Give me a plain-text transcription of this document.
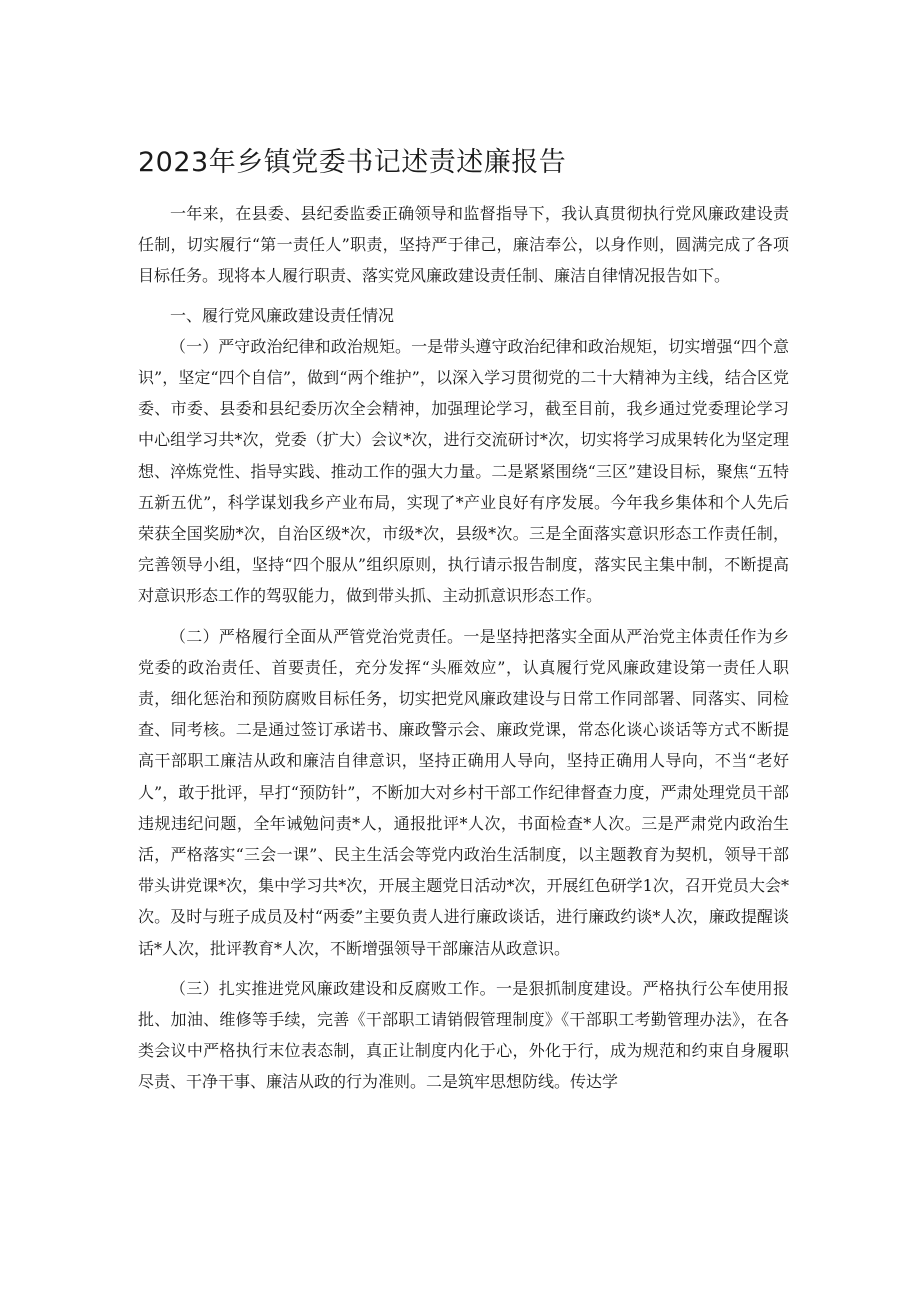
2023年乡镇党委书记述责述廉报告

一年来，在县委、县纪委监委正确领导和监督指导下，我认真贯彻执行党风廉政建设责任制，切实履行“第一责任人”职责，坚持严于律己，廉洁奉公，以身作则，圆满完成了各项目标任务。现将本人履行职责、落实党风廉政建设责任制、廉洁自律情况报告如下。

一、履行党风廉政建设责任情况

（一）严守政治纪律和政治规矩。一是带头遵守政治纪律和政治规矩，切实增强“四个意识”，坚定“四个自信”，做到“两个维护”，以深入学习贯彻党的二十大精神为主线，结合区党委、市委、县委和县纪委历次全会精神，加强理论学习，截至目前，我乡通过党委理论学习中心组学习共*次，党委（扩大）会议*次，进行交流研讨*次，切实将学习成果转化为坚定理想、淬炼党性、指导实践、推动工作的强大力量。二是紧紧围绕“三区”建设目标，聚焦“五特五新五优”，科学谋划我乡产业布局，实现了*产业良好有序发展。今年我乡集体和个人先后荣获全国奖励*次，自治区级*次，市级*次，县级*次。三是全面落实意识形态工作责任制，完善领导小组，坚持“四个服从”组织原则，执行请示报告制度，落实民主集中制，不断提高对意识形态工作的驾驭能力，做到带头抓、主动抓意识形态工作。

（二）严格履行全面从严管党治党责任。一是坚持把落实全面从严治党主体责任作为乡党委的政治责任、首要责任，充分发挥“头雁效应”，认真履行党风廉政建设第一责任人职责，细化惩治和预防腐败目标任务，切实把党风廉政建设与日常工作同部署、同落实、同检查、同考核。二是通过签订承诺书、廉政警示会、廉政党课，常态化谈心谈话等方式不断提高干部职工廉洁从政和廉洁自律意识，坚持正确用人导向，坚持正确用人导向，不当“老好人”，敢于批评，早打“预防针”，不断加大对乡村干部工作纪律督查力度，严肃处理党员干部违规违纪问题，全年诫勉问责*人，通报批评*人次，书面检查*人次。三是严肃党内政治生活，严格落实“三会一课”、民主生活会等党内政治生活制度，以主题教育为契机，领导干部带头讲党课*次，集中学习共*次，开展主题党日活动*次，开展红色研学1次，召开党员大会*次。及时与班子成员及村“两委”主要负责人进行廉政谈话，进行廉政约谈*人次，廉政提醒谈话*人次，批评教育*人次，不断增强领导干部廉洁从政意识。

（三）扎实推进党风廉政建设和反腐败工作。一是狠抓制度建设。严格执行公车使用报批、加油、维修等手续，完善《干部职工请销假管理制度》《干部职工考勤管理办法》，在各类会议中严格执行末位表态制，真正让制度内化于心，外化于行，成为规范和约束自身履职尽责、干净干事、廉洁从政的行为准则。二是筑牢思想防线。传达学
